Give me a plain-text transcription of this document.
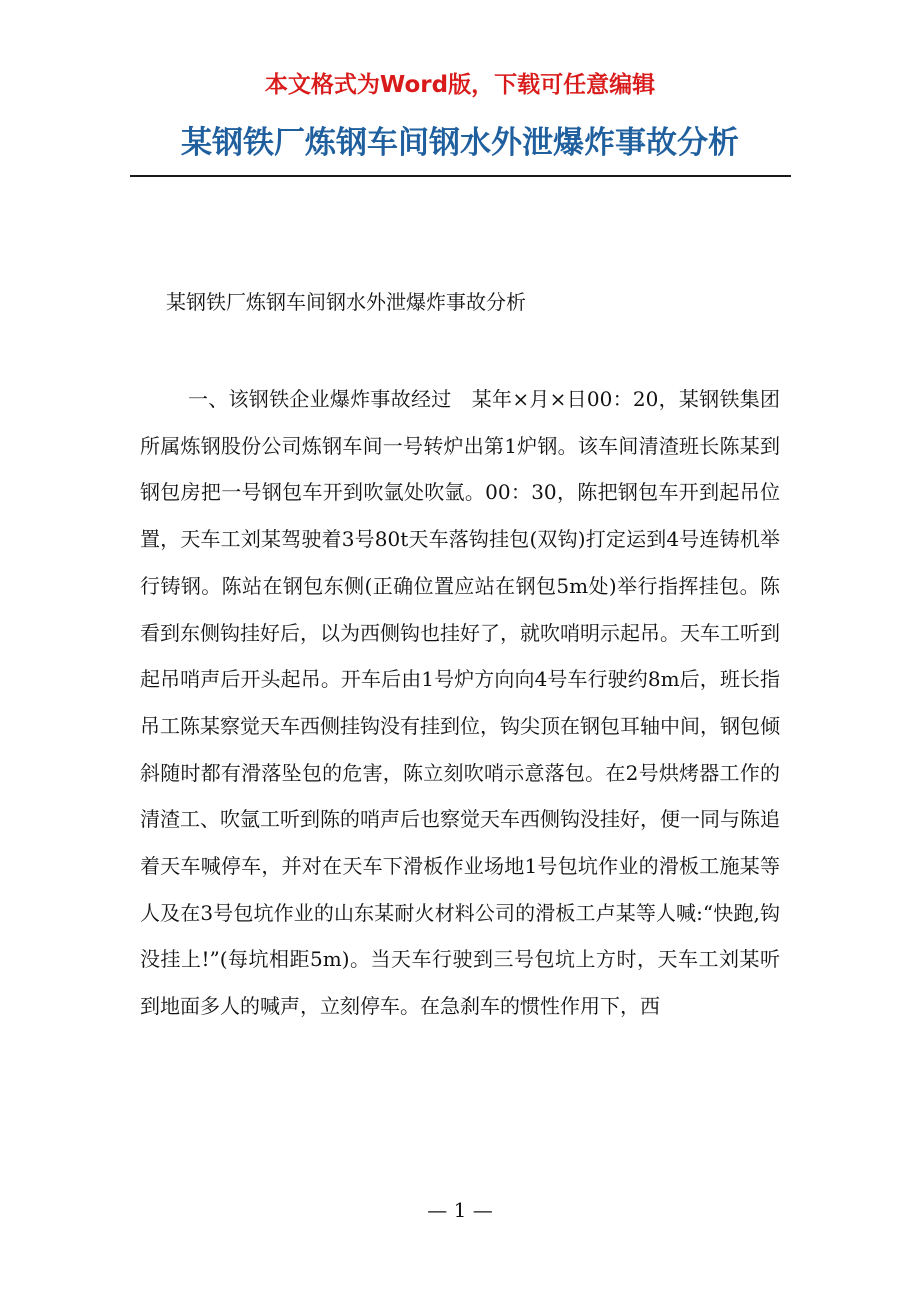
本文格式为Word版，下载可任意编辑
某钢铁厂炼钢车间钢水外泄爆炸事故分析
某钢铁厂炼钢车间钢水外泄爆炸事故分析

一、该钢铁企业爆炸事故经过　某年×月×日00：20，某钢铁集团所属炼钢股份公司炼钢车间一号转炉出第1炉钢。该车间清渣班长陈某到钢包房把一号钢包车开到吹氩处吹氩。00：30，陈把钢包车开到起吊位置，天车工刘某驾驶着3号80t天车落钩挂包(双钩)打定运到4号连铸机举行铸钢。陈站在钢包东侧(正确位置应站在钢包5m处)举行指挥挂包。陈看到东侧钩挂好后，以为西侧钩也挂好了，就吹哨明示起吊。天车工听到起吊哨声后开头起吊。开车后由1号炉方向向4号车行驶约8m后，班长指吊工陈某察觉天车西侧挂钩没有挂到位，钩尖顶在钢包耳轴中间，钢包倾斜随时都有滑落坠包的危害，陈立刻吹哨示意落包。在2号烘烤器工作的清渣工、吹氩工听到陈的哨声后也察觉天车西侧钩没挂好，便一同与陈追着天车喊停车，并对在天车下滑板作业场地1号包坑作业的滑板工施某等人及在3号包坑作业的山东某耐火材料公司的滑板工卢某等人喊:“快跑,钩没挂上!”(每坑相距5m)。当天车行驶到三号包坑上方时，天车工刘某听到地面多人的喊声，立刻停车。在急刹车的惯性作用下，西

— 1 —
